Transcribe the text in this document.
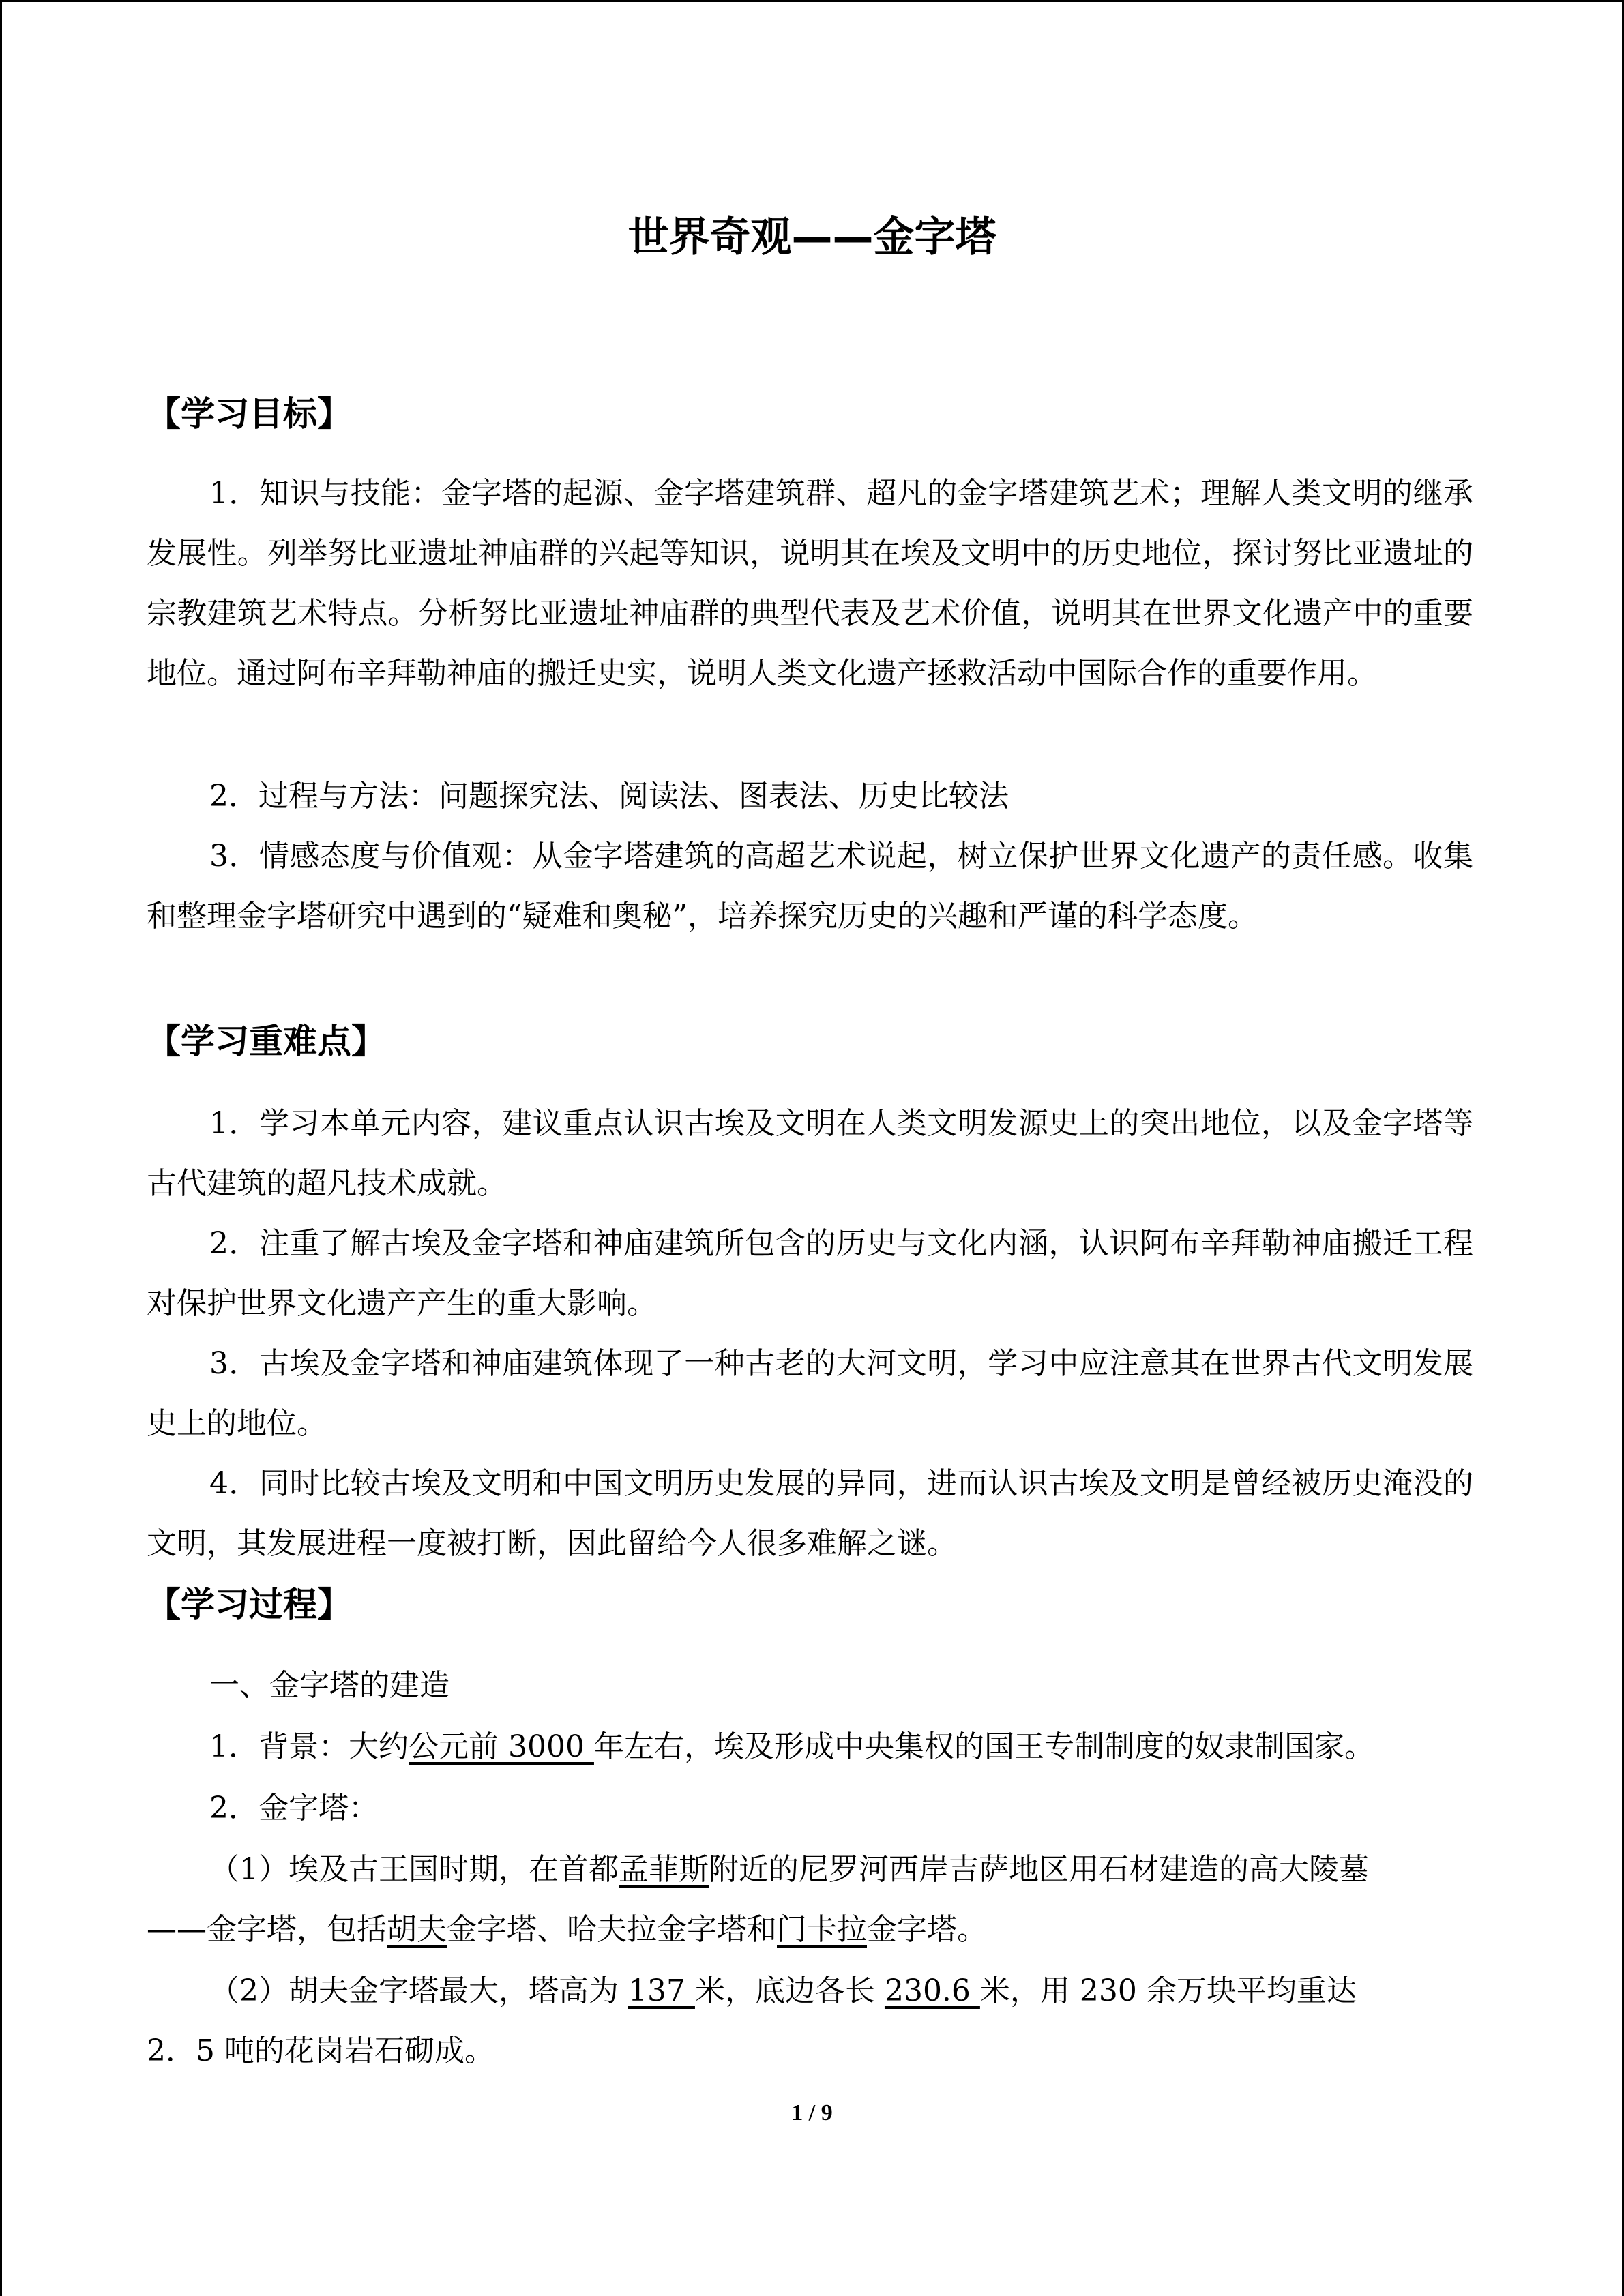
世界奇观——金字塔
【学习目标】
1．知识与技能：金字塔的起源、金字塔建筑群、超凡的金字塔建筑艺术；理解人类文明的继承发展性。列举努比亚遗址神庙群的兴起等知识，说明其在埃及文明中的历史地位，探讨努比亚遗址的宗教建筑艺术特点。分析努比亚遗址神庙群的典型代表及艺术价值，说明其在世界文化遗产中的重要地位。通过阿布辛拜勒神庙的搬迁史实，说明人类文化遗产拯救活动中国际合作的重要作用。
2．过程与方法：问题探究法、阅读法、图表法、历史比较法
3．情感态度与价值观：从金字塔建筑的高超艺术说起，树立保护世界文化遗产的责任感。收集和整理金字塔研究中遇到的“疑难和奥秘”，培养探究历史的兴趣和严谨的科学态度。
【学习重难点】
1．学习本单元内容，建议重点认识古埃及文明在人类文明发源史上的突出地位，以及金字塔等古代建筑的超凡技术成就。
2．注重了解古埃及金字塔和神庙建筑所包含的历史与文化内涵，认识阿布辛拜勒神庙搬迁工程对保护世界文化遗产产生的重大影响。
3．古埃及金字塔和神庙建筑体现了一种古老的大河文明，学习中应注意其在世界古代文明发展史上的地位。
4．同时比较古埃及文明和中国文明历史发展的异同，进而认识古埃及文明是曾经被历史淹没的文明，其发展进程一度被打断，因此留给今人很多难解之谜。
【学习过程】
一、金字塔的建造
1．背景：大约公元前 3000 年左右，埃及形成中央集权的国王专制制度的奴隶制国家。
2．金字塔：
（1）埃及古王国时期，在首都孟菲斯附近的尼罗河西岸吉萨地区用石材建造的高大陵墓
——金字塔，包括胡夫金字塔、哈夫拉金字塔和门卡拉金字塔。
（2）胡夫金字塔最大，塔高为 137 米，底边各长 230.6 米，用 230 余万块平均重达
2．5 吨的花岗岩石砌成。
1 / 9
